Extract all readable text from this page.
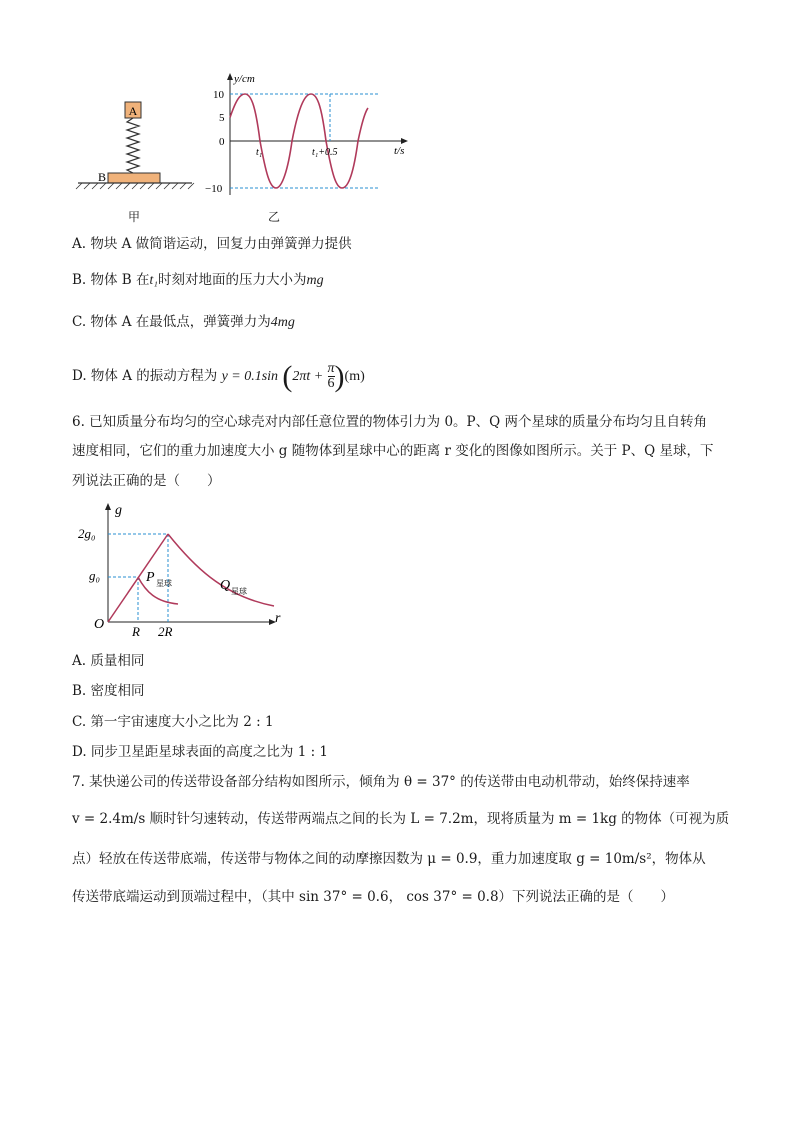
A
B
y/cm
t/s
10
5
0
−10
t₁	t₁+0.5
甲	乙
A. 物块 A 做简谐运动，回复力由弹簧弹力提供
B. 物体 B 在t₁时刻对地面的压力大小为mg
C. 物体 A 在最低点，弹簧弹力为4mg
D. 物体 A 的振动方程为 y = 0.1sin $(2\pi t + \frac{\pi}{6} )(m)$
6. 已知质量分布均匀的空心球壳对内部任意位置的物体引力为 0。P、Q 两个星球的质量分布均匀且自转角
速度相同，它们的重力加速度大小 g 随物体到星球中心的距离 r 变化的图像如图所示。关于 P、Q 星球，下
列说法正确的是（　　）
g
r
O
2g₀
g₀
R 2R
P 星球	Q 星球
A. 质量相同
B. 密度相同
C. 第一宇宙速度大小之比为 2 : 1
D. 同步卫星距星球表面的高度之比为 1 : 1
7. 某快递公司的传送带设备部分结构如图所示，倾角为 θ = 37° 的传送带由电动机带动，始终保持速率
v = 2.4m/s 顺时针匀速转动，传送带两端点之间的长为 L = 7.2m，现将质量为 m = 1kg 的物体（可视为质
点）轻放在传送带底端，传送带与物体之间的动摩擦因数为 μ = 0.9，重力加速度取 g = 10m/s²，物体从
传送带底端运动到顶端过程中，（其中 sin 37° = 0.6， cos 37° = 0.8）下列说法正确的是（　　）
